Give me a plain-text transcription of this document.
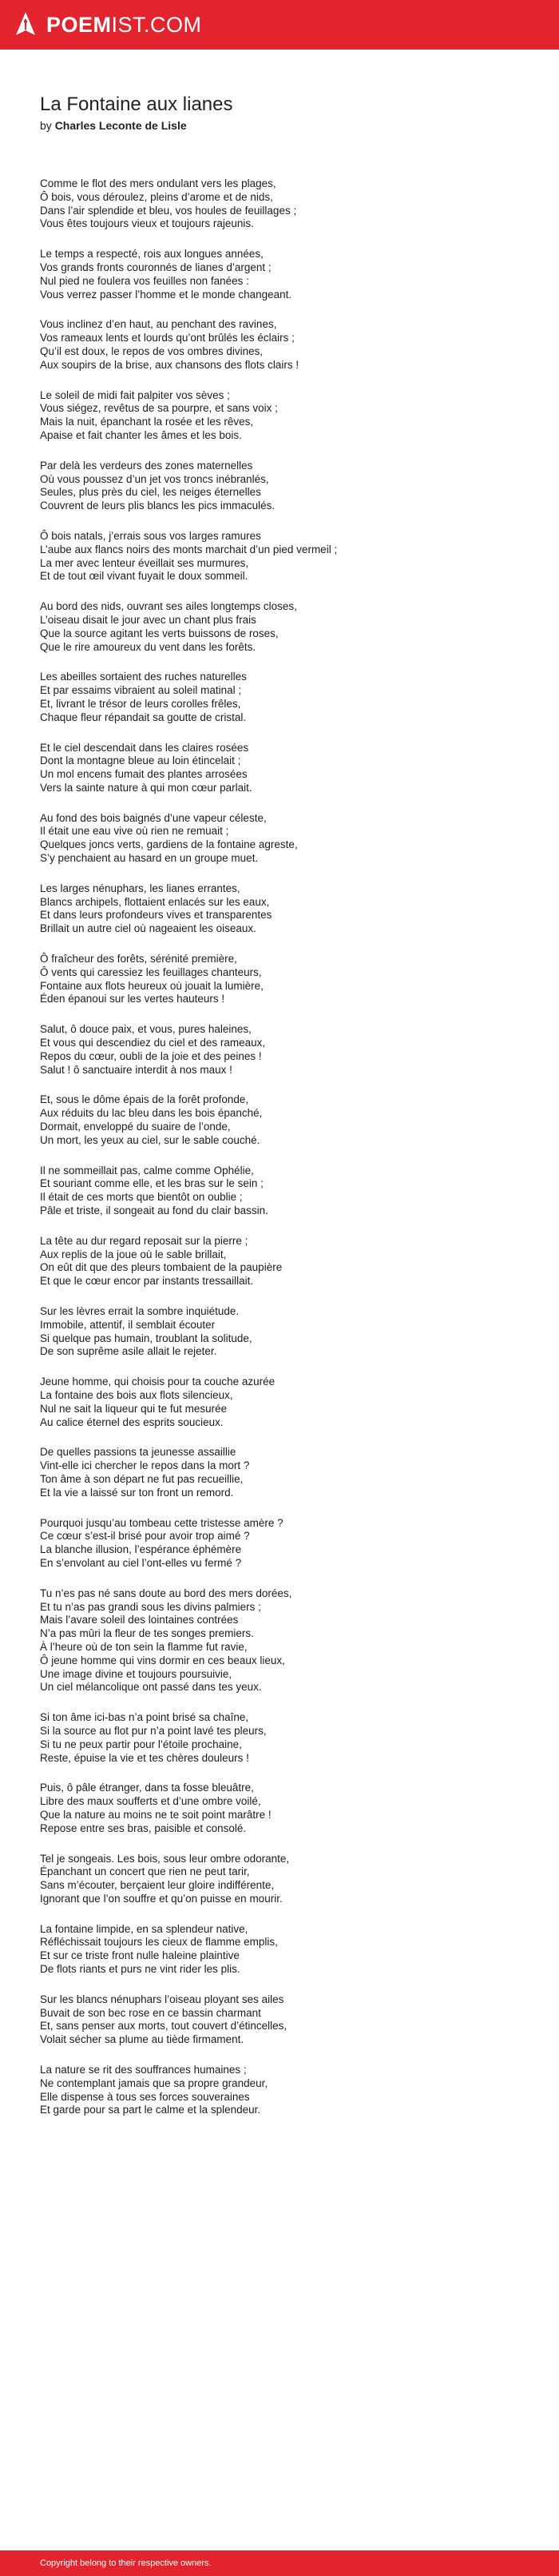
POEMIST.COM
La Fontaine aux lianes
by Charles Leconte de Lisle
Comme le flot des mers ondulant vers les plages,
Ô bois, vous déroulez, pleins d’arome et de nids,
Dans l’air splendide et bleu, vos houles de feuillages ;
Vous êtes toujours vieux et toujours rajeunis.
Le temps a respecté, rois aux longues années,
Vos grands fronts couronnés de lianes d’argent ;
Nul pied ne foulera vos feuilles non fanées :
Vous verrez passer l’homme et le monde changeant.
Vous inclinez d’en haut, au penchant des ravines,
Vos rameaux lents et lourds qu’ont brûlés les éclairs ;
Qu’il est doux, le repos de vos ombres divines,
Aux soupirs de la brise, aux chansons des flots clairs !
Le soleil de midi fait palpiter vos sèves ;
Vous siégez, revêtus de sa pourpre, et sans voix ;
Mais la nuit, épanchant la rosée et les rêves,
Apaise et fait chanter les âmes et les bois.
Par delà les verdeurs des zones maternelles
Où vous poussez d’un jet vos troncs inébranlés,
Seules, plus près du ciel, les neiges éternelles
Couvrent de leurs plis blancs les pics immaculés.
Ô bois natals, j’errais sous vos larges ramures
L’aube aux flancs noirs des monts marchait d’un pied vermeil ;
La mer avec lenteur éveillait ses murmures,
Et de tout œil vivant fuyait le doux sommeil.
Au bord des nids, ouvrant ses ailes longtemps closes,
L’oiseau disait le jour avec un chant plus frais
Que la source agitant les verts buissons de roses,
Que le rire amoureux du vent dans les forêts.
Les abeilles sortaient des ruches naturelles
Et par essaims vibraient au soleil matinal ;
Et, livrant le trésor de leurs corolles frêles,
Chaque fleur répandait sa goutte de cristal.
Et le ciel descendait dans les claires rosées
Dont la montagne bleue au loin étincelait ;
Un mol encens fumait des plantes arrosées
Vers la sainte nature à qui mon cœur parlait.
Au fond des bois baignés d’une vapeur céleste,
Il était une eau vive où rien ne remuait ;
Quelques joncs verts, gardiens de la fontaine agreste,
S’y penchaient au hasard en un groupe muet.
Les larges nénuphars, les lianes errantes,
Blancs archipels, flottaient enlacés sur les eaux,
Et dans leurs profondeurs vives et transparentes
Brillait un autre ciel où nageaient les oiseaux.
Ô fraîcheur des forêts, sérénité première,
Ô vents qui caressiez les feuillages chanteurs,
Fontaine aux flots heureux où jouait la lumière,
Éden épanoui sur les vertes hauteurs !
Salut, ô douce paix, et vous, pures haleines,
Et vous qui descendiez du ciel et des rameaux,
Repos du cœur, oubli de la joie et des peines !
Salut ! ô sanctuaire interdit à nos maux !
Et, sous le dôme épais de la forêt profonde,
Aux réduits du lac bleu dans les bois épanché,
Dormait, enveloppé du suaire de l’onde,
Un mort, les yeux au ciel, sur le sable couché.
Il ne sommeillait pas, calme comme Ophélie,
Et souriant comme elle, et les bras sur le sein ;
Il était de ces morts que bientôt on oublie ;
Pâle et triste, il songeait au fond du clair bassin.
La tête au dur regard reposait sur la pierre ;
Aux replis de la joue où le sable brillait,
On eût dit que des pleurs tombaient de la paupière
Et que le cœur encor par instants tressaillait.
Sur les lèvres errait la sombre inquiétude.
Immobile, attentif, il semblait écouter
Si quelque pas humain, troublant la solitude,
De son suprême asile allait le rejeter.
Jeune homme, qui choisis pour ta couche azurée
La fontaine des bois aux flots silencieux,
Nul ne sait la liqueur qui te fut mesurée
Au calice éternel des esprits soucieux.
De quelles passions ta jeunesse assaillie
Vint-elle ici chercher le repos dans la mort ?
Ton âme à son départ ne fut pas recueillie,
Et la vie a laissé sur ton front un remord.
Pourquoi jusqu’au tombeau cette tristesse amère ?
Ce cœur s’est-il brisé pour avoir trop aimé ?
La blanche illusion, l’espérance éphémère
En s’envolant au ciel l’ont-elles vu fermé ?
Tu n’es pas né sans doute au bord des mers dorées,
Et tu n’as pas grandi sous les divins palmiers ;
Mais l’avare soleil des lointaines contrées
N’a pas mûri la fleur de tes songes premiers.
À l’heure où de ton sein la flamme fut ravie,
Ô jeune homme qui vins dormir en ces beaux lieux,
Une image divine et toujours poursuivie,
Un ciel mélancolique ont passé dans tes yeux.
Si ton âme ici-bas n’a point brisé sa chaîne,
Si la source au flot pur n’a point lavé tes pleurs,
Si tu ne peux partir pour l’étoile prochaine,
Reste, épuise la vie et tes chères douleurs !
Puis, ô pâle étranger, dans ta fosse bleuâtre,
Libre des maux soufferts et d’une ombre voilé,
Que la nature au moins ne te soit point marâtre !
Repose entre ses bras, paisible et consolé.
Tel je songeais. Les bois, sous leur ombre odorante,
Épanchant un concert que rien ne peut tarir,
Sans m’écouter, berçaient leur gloire indifférente,
Ignorant que l’on souffre et qu’on puisse en mourir.
La fontaine limpide, en sa splendeur native,
Réfléchissait toujours les cieux de flamme emplis,
Et sur ce triste front nulle haleine plaintive
De flots riants et purs ne vint rider les plis.
Sur les blancs nénuphars l’oiseau ployant ses ailes
Buvait de son bec rose en ce bassin charmant
Et, sans penser aux morts, tout couvert d’étincelles,
Volait sécher sa plume au tiède firmament.
La nature se rit des souffrances humaines ;
Ne contemplant jamais que sa propre grandeur,
Elle dispense à tous ses forces souveraines
Et garde pour sa part le calme et la splendeur.
Copyright belong to their respective owners.
